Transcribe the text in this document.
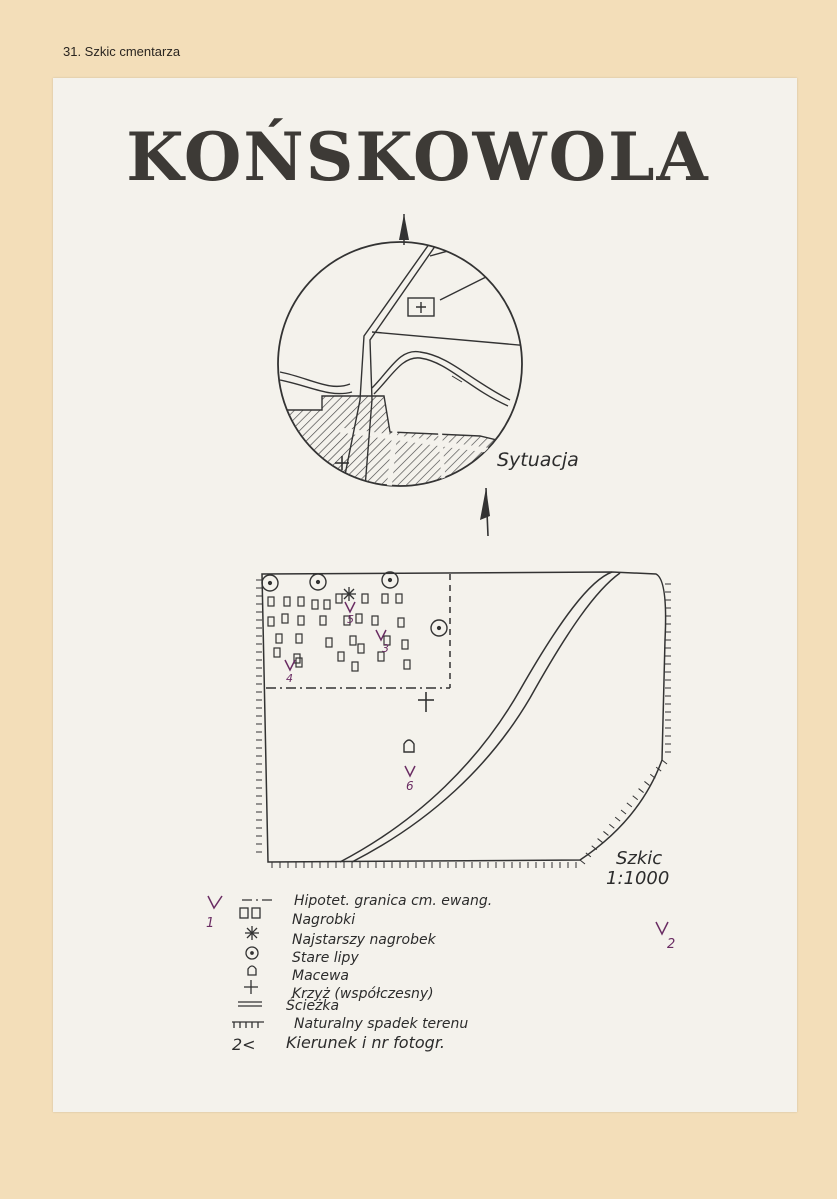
31. Szkic cmentarza
KOŃSKOWOLA
Sytuacja
5
3
4
6
1
2
Szkic
1:1000
Hipotet. granica cm. ewang.
Nagrobki
Najstarszy nagrobek
Stare lipy
Macewa
Krzyż (współczesny)
Ścieżka
Naturalny spadek terenu
2< Kierunek i nr fotogr.
